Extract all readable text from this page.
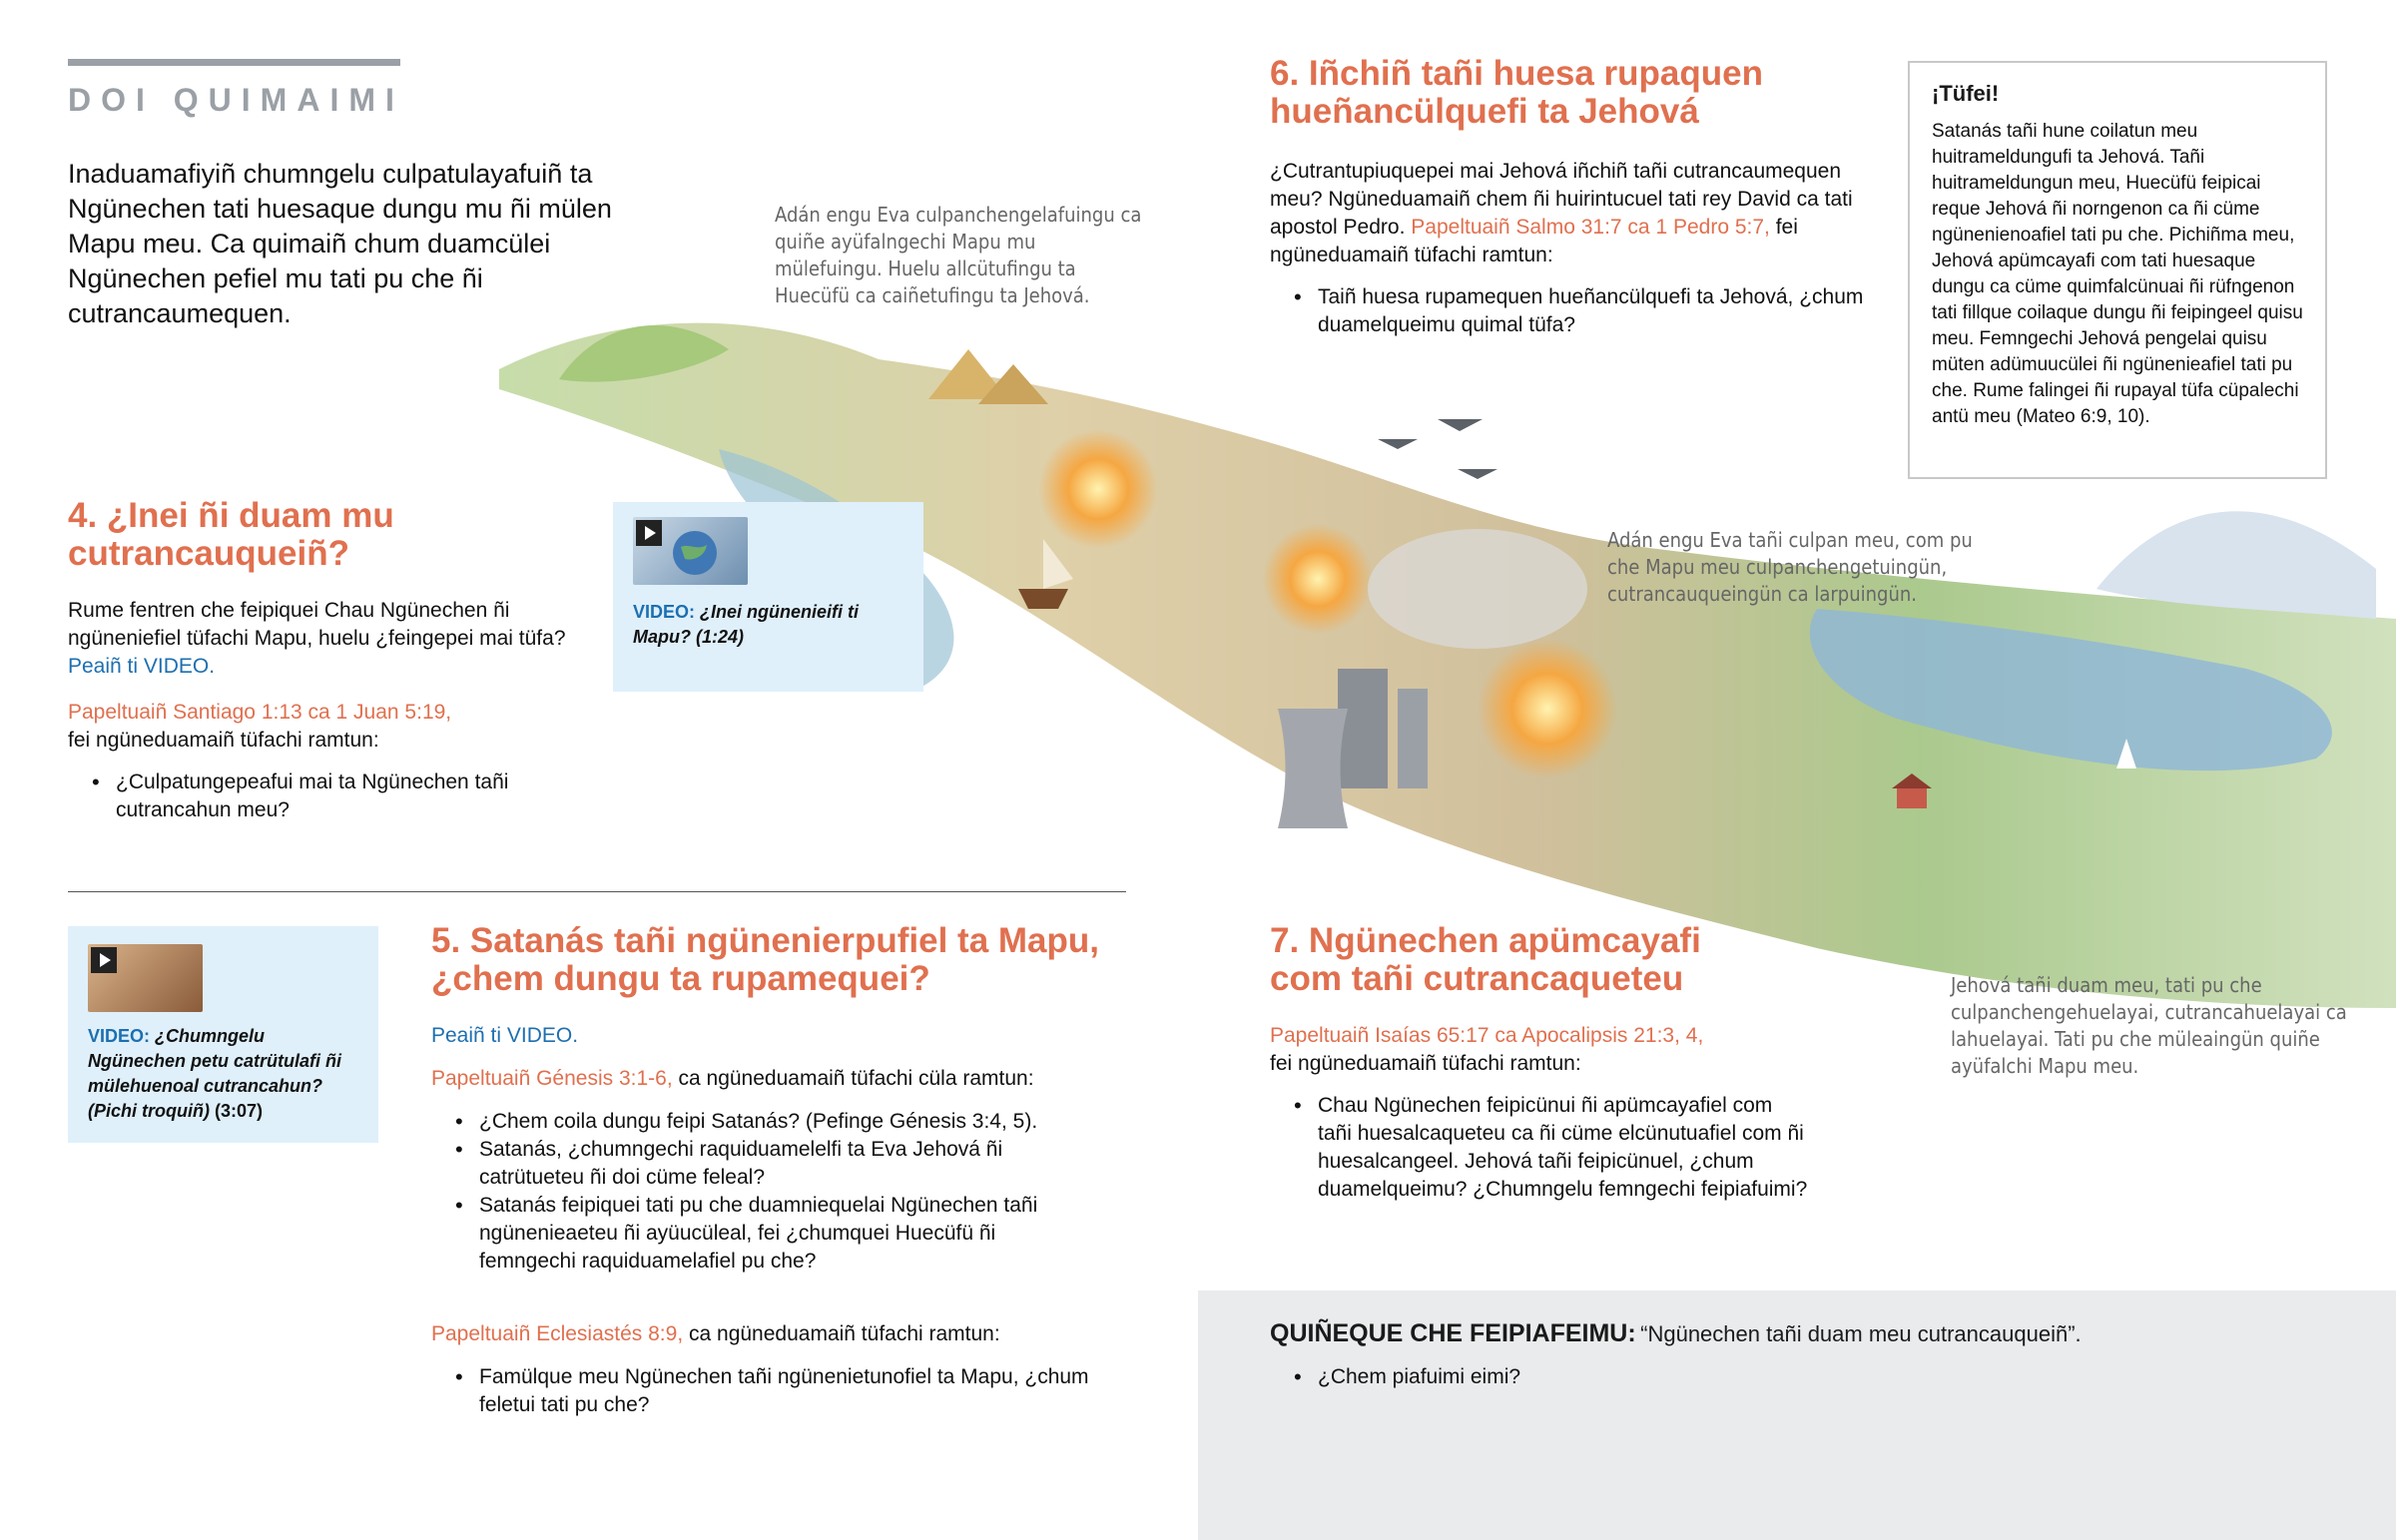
DOI QUIMAIMI
Inaduamafiyiñ chumngelu culpatulayafuiñ ta Ngünechen tati huesaque dungu mu ñi mülen Mapu meu. Ca quimaiñ chum duamcülei Ngünechen pefiel mu tati pu che ñi cutrancaumequen.
Adán engu Eva culpanchengelafuingu ca quiñe ayüfalngechi Mapu mu mülefuingu. Huelu allcütufingu ta Huecüfü ca caiñetufingu ta Jehová.
Adán engu Eva tañi culpan meu, com pu che Mapu meu culpanchengetuingün, cutrancauqueingün ca larpuingün.
Jehová tañi duam meu, tati pu che culpanchengehuelayai, cutrancahuelayai ca lahuelayai. Tati pu che müleaingün quiñe ayüfalchi Mapu meu.
4. ¿Inei ñi duam mu cutrancauqueiñ?
Rume fentren che feipiquei Chau Ngünechen ñi ngüneniefiel tüfachi Mapu, huelu ¿feingepei mai tüfa? Peaiñ ti VIDEO.
Papeltuaiñ Santiago 1:13 ca 1 Juan 5:19,
fei ngüneduamaiñ tüfachi ramtun:
• ¿Culpatungepeafui mai ta Ngünechen tañi cutrancahun meu?
VIDEO: ¿Inei ngünenieifi ti Mapu? (1:24)
VIDEO: ¿Chumngelu Ngünechen petu catrütulafi ñi mülehuenoal cutrancahun? (Pichi troquiñ) (3:07)
5. Satanás tañi ngünenierpufiel ta Mapu, ¿chem dungu ta rupamequei?
Peaiñ ti VIDEO.
Papeltuaiñ Génesis 3:1-6, ca ngüneduamaiñ tüfachi cüla ramtun:
• ¿Chem coila dungu feipi Satanás? (Pefinge Génesis 3:4, 5).
• Satanás, ¿chumngechi raquiduamelelfi ta Eva Jehová ñi catrütueteu ñi doi cüme feleal?
• Satanás feipiquei tati pu che duamniequelai Ngünechen tañi ngünenieaeteu ñi ayüucüleal, fei ¿chumquei Huecüfü ñi femngechi raquiduamelafiel pu che?
Papeltuaiñ Eclesiastés 8:9, ca ngüneduamaiñ tüfachi ramtun:
• Famülque meu Ngünechen tañi ngünenietunofiel ta Mapu, ¿chum feletui tati pu che?
6. Iñchiñ tañi huesa rupaquen hueñancülquefi ta Jehová
¿Cutrantupiuquepei mai Jehová iñchiñ tañi cutrancaumequen meu? Ngüneduamaiñ chem ñi huirintucuel tati rey David ca tati apostol Pedro. Papeltuaiñ Salmo 31:7 ca 1 Pedro 5:7, fei ngüneduamaiñ tüfachi ramtun:
• Taiñ huesa rupamequen hueñancülquefi ta Jehová, ¿chum duamelqueimu quimal tüfa?
¡Tüfei!
Satanás tañi hune coilatun meu huitrameldungufi ta Jehová. Tañi huitrameldungun meu, Huecüfü feipicai reque Jehová ñi norngenon ca ñi cüme ngünenienoafiel tati pu che. Pichiñma meu, Jehová apümcayafi com tati huesaque dungu ca cüme quimfalcünuai ñi rüfngenon tati fillque coilaque dungu ñi feipingeel quisu meu. Femngechi Jehová pengelai quisu müten adümuucülei ñi ngünenieafiel tati pu che. Rume falingei ñi rupayal tüfa cüpalechi antü meu (Mateo 6:9, 10).
7. Ngünechen apümcayafi com tañi cutrancaqueteu
Papeltuaiñ Isaías 65:17 ca Apocalipsis 21:3, 4,
fei ngüneduamaiñ tüfachi ramtun:
• Chau Ngünechen feipicünui ñi apümcayafiel com tañi huesalcaqueteu ca ñi cüme elcünutuafiel com ñi huesalcangeel. Jehová tañi feipicünuel, ¿chum duamelqueimu? ¿Chumngelu femngechi feipiafuimi?
QUIÑEQUE CHE FEIPIAFEIMU: “Ngünechen tañi duam meu cutrancauqueiñ”.
• ¿Chem piafuimi eimi?
